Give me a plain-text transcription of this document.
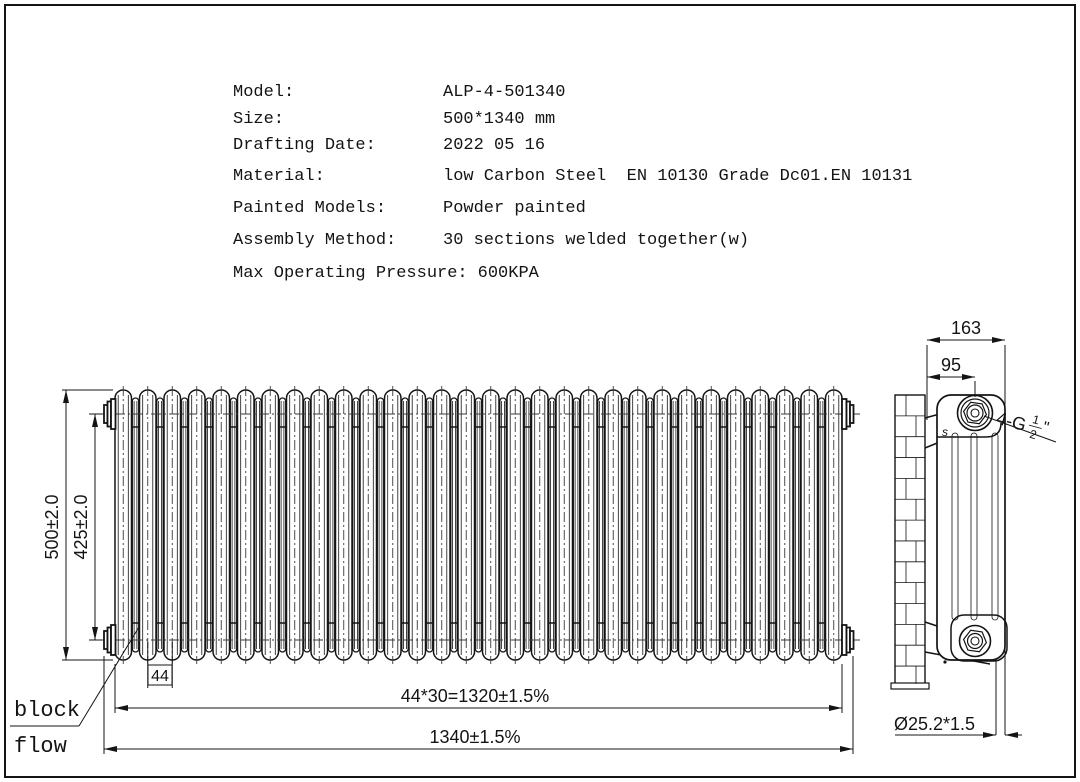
500±2.0 425±2.0
44
44*30=1320±1.5%
1340±1.5%
block
flow
s
163
95
4-G 1
2 "
Ø25.2*1.5
Model:	ALP-4-501340
Size:	500*1340 mm
Drafting Date:	2022 05 16
Material:	low Carbon Steel  EN 10130 Grade Dc01.EN 10131
Painted Models:	Powder painted
Assembly Method:	30 sections welded together(w)
Max Operating Pressure: 600KPA
